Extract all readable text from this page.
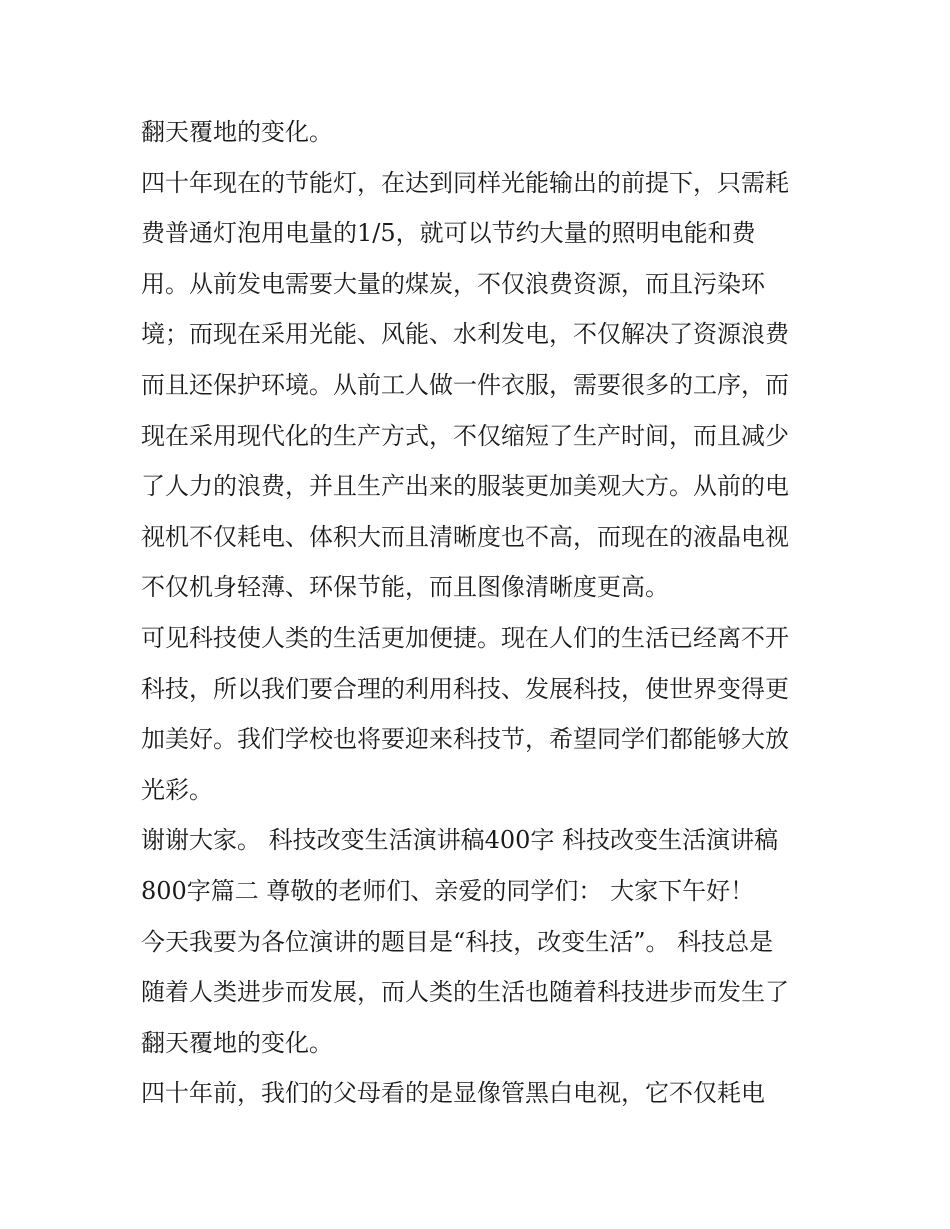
翻天覆地的变化。
四十年现在的节能灯，在达到同样光能输出的前提下，只需耗
费普通灯泡用电量的1/5，就可以节约大量的照明电能和费
用。从前发电需要大量的煤炭，不仅浪费资源，而且污染环
境；而现在采用光能、风能、水利发电，不仅解决了资源浪费
而且还保护环境。从前工人做一件衣服，需要很多的工序，而
现在采用现代化的生产方式，不仅缩短了生产时间，而且减少
了人力的浪费，并且生产出来的服装更加美观大方。从前的电
视机不仅耗电、体积大而且清晰度也不高，而现在的液晶电视
不仅机身轻薄、环保节能，而且图像清晰度更高。
可见科技使人类的生活更加便捷。现在人们的生活已经离不开
科技，所以我们要合理的利用科技、发展科技，使世界变得更
加美好。我们学校也将要迎来科技节，希望同学们都能够大放
光彩。
谢谢大家。 科技改变生活演讲稿400字 科技改变生活演讲稿
800字篇二 尊敬的老师们、亲爱的同学们： 大家下午好！
今天我要为各位演讲的题目是“科技，改变生活”。 科技总是
随着人类进步而发展，而人类的生活也随着科技进步而发生了
翻天覆地的变化。
四十年前，我们的父母看的是显像管黑白电视，它不仅耗电
